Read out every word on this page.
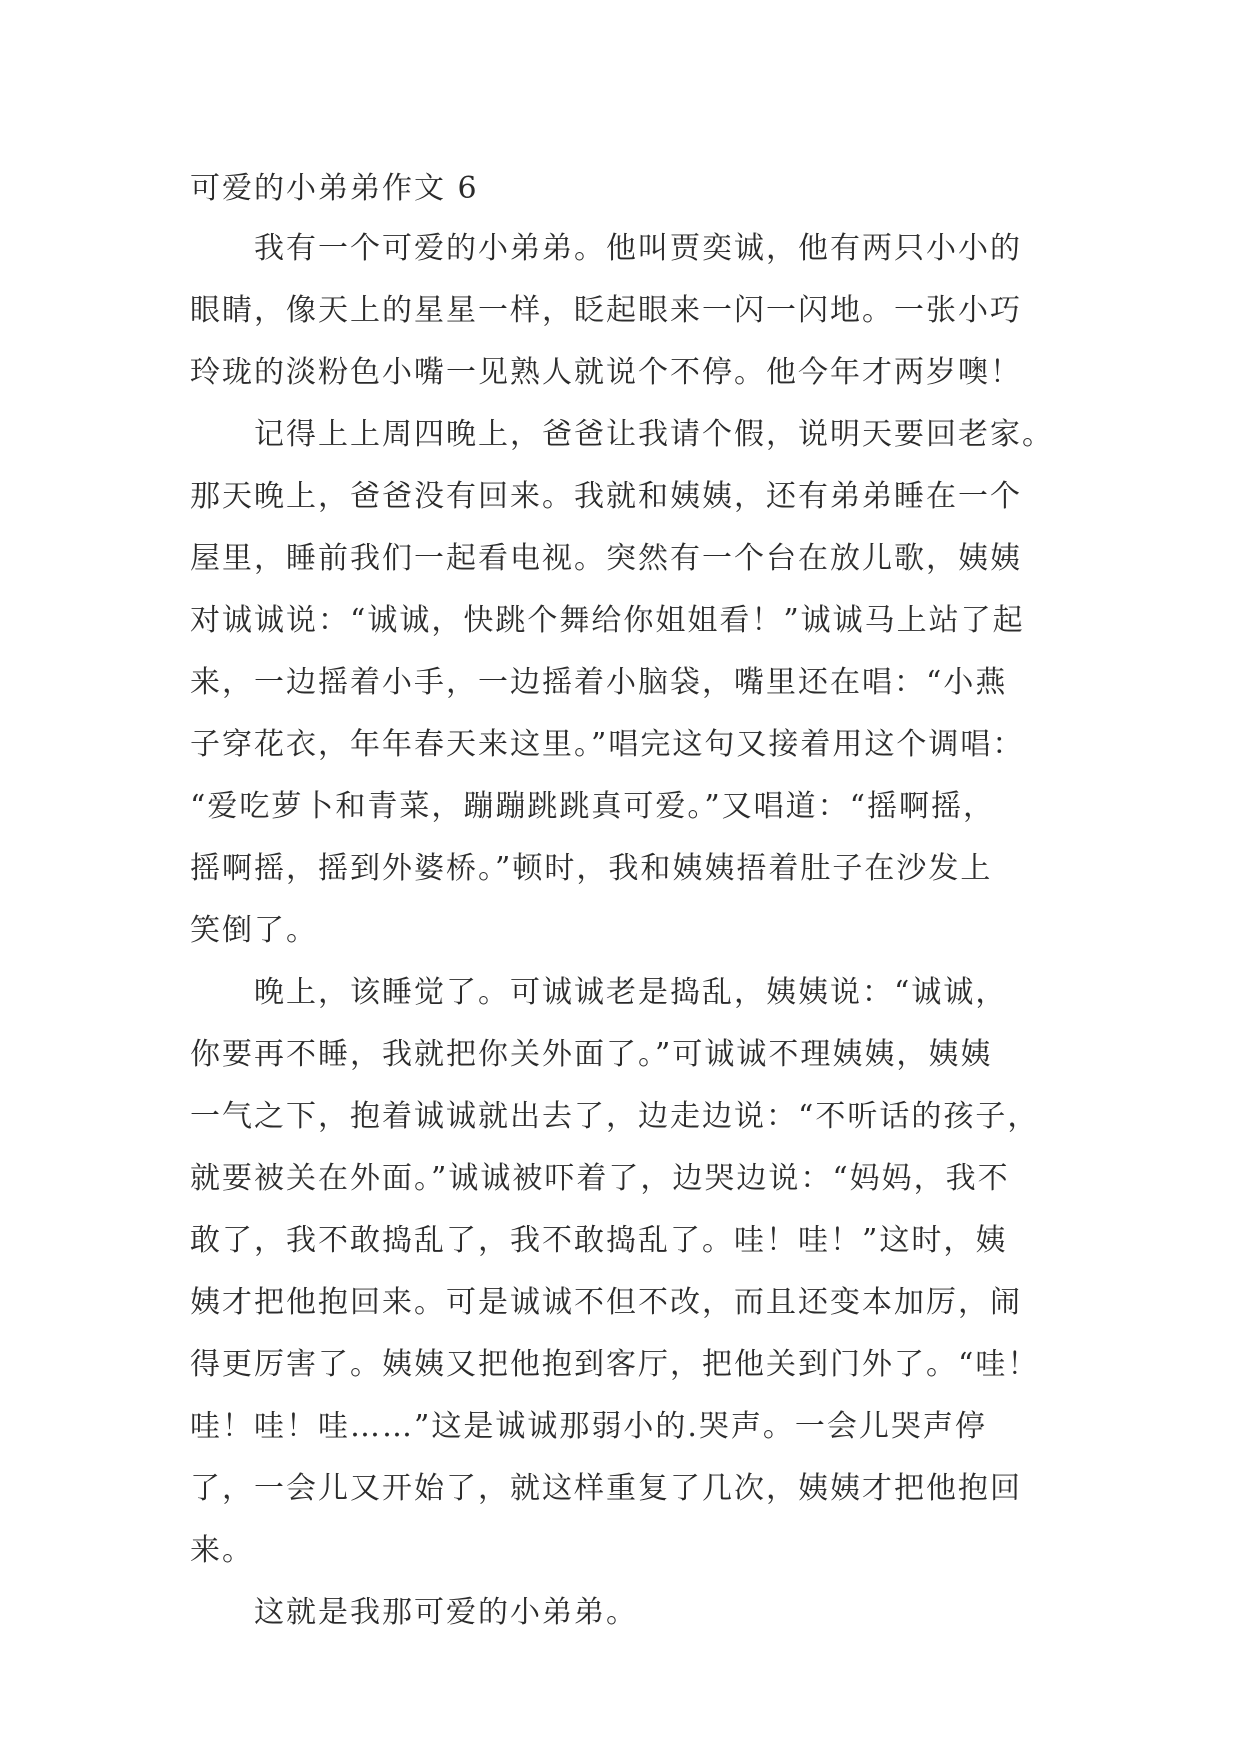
可爱的小弟弟作文 6
我有一个可爱的小弟弟。他叫贾奕诚，他有两只小小的
眼睛，像天上的星星一样，眨起眼来一闪一闪地。一张小巧
玲珑的淡粉色小嘴一见熟人就说个不停。他今年才两岁噢！
记得上上周四晚上，爸爸让我请个假，说明天要回老家。
那天晚上，爸爸没有回来。我就和姨姨，还有弟弟睡在一个
屋里，睡前我们一起看电视。突然有一个台在放儿歌，姨姨
对诚诚说：“诚诚，快跳个舞给你姐姐看！”诚诚马上站了起
来，一边摇着小手，一边摇着小脑袋，嘴里还在唱：“小燕
子穿花衣，年年春天来这里。”唱完这句又接着用这个调唱：
“爱吃萝卜和青菜，蹦蹦跳跳真可爱。”又唱道：“摇啊摇，
摇啊摇，摇到外婆桥。”顿时，我和姨姨捂着肚子在沙发上
笑倒了。
晚上，该睡觉了。可诚诚老是捣乱，姨姨说：“诚诚，
你要再不睡，我就把你关外面了。”可诚诚不理姨姨，姨姨
一气之下，抱着诚诚就出去了，边走边说：“不听话的孩子，
就要被关在外面。”诚诚被吓着了，边哭边说：“妈妈，我不
敢了，我不敢捣乱了，我不敢捣乱了。哇！哇！”这时，姨
姨才把他抱回来。可是诚诚不但不改，而且还变本加厉，闹
得更厉害了。姨姨又把他抱到客厅，把他关到门外了。“哇！
哇！哇！哇……”这是诚诚那弱小的.哭声。一会儿哭声停
了，一会儿又开始了，就这样重复了几次，姨姨才把他抱回
来。
这就是我那可爱的小弟弟。
